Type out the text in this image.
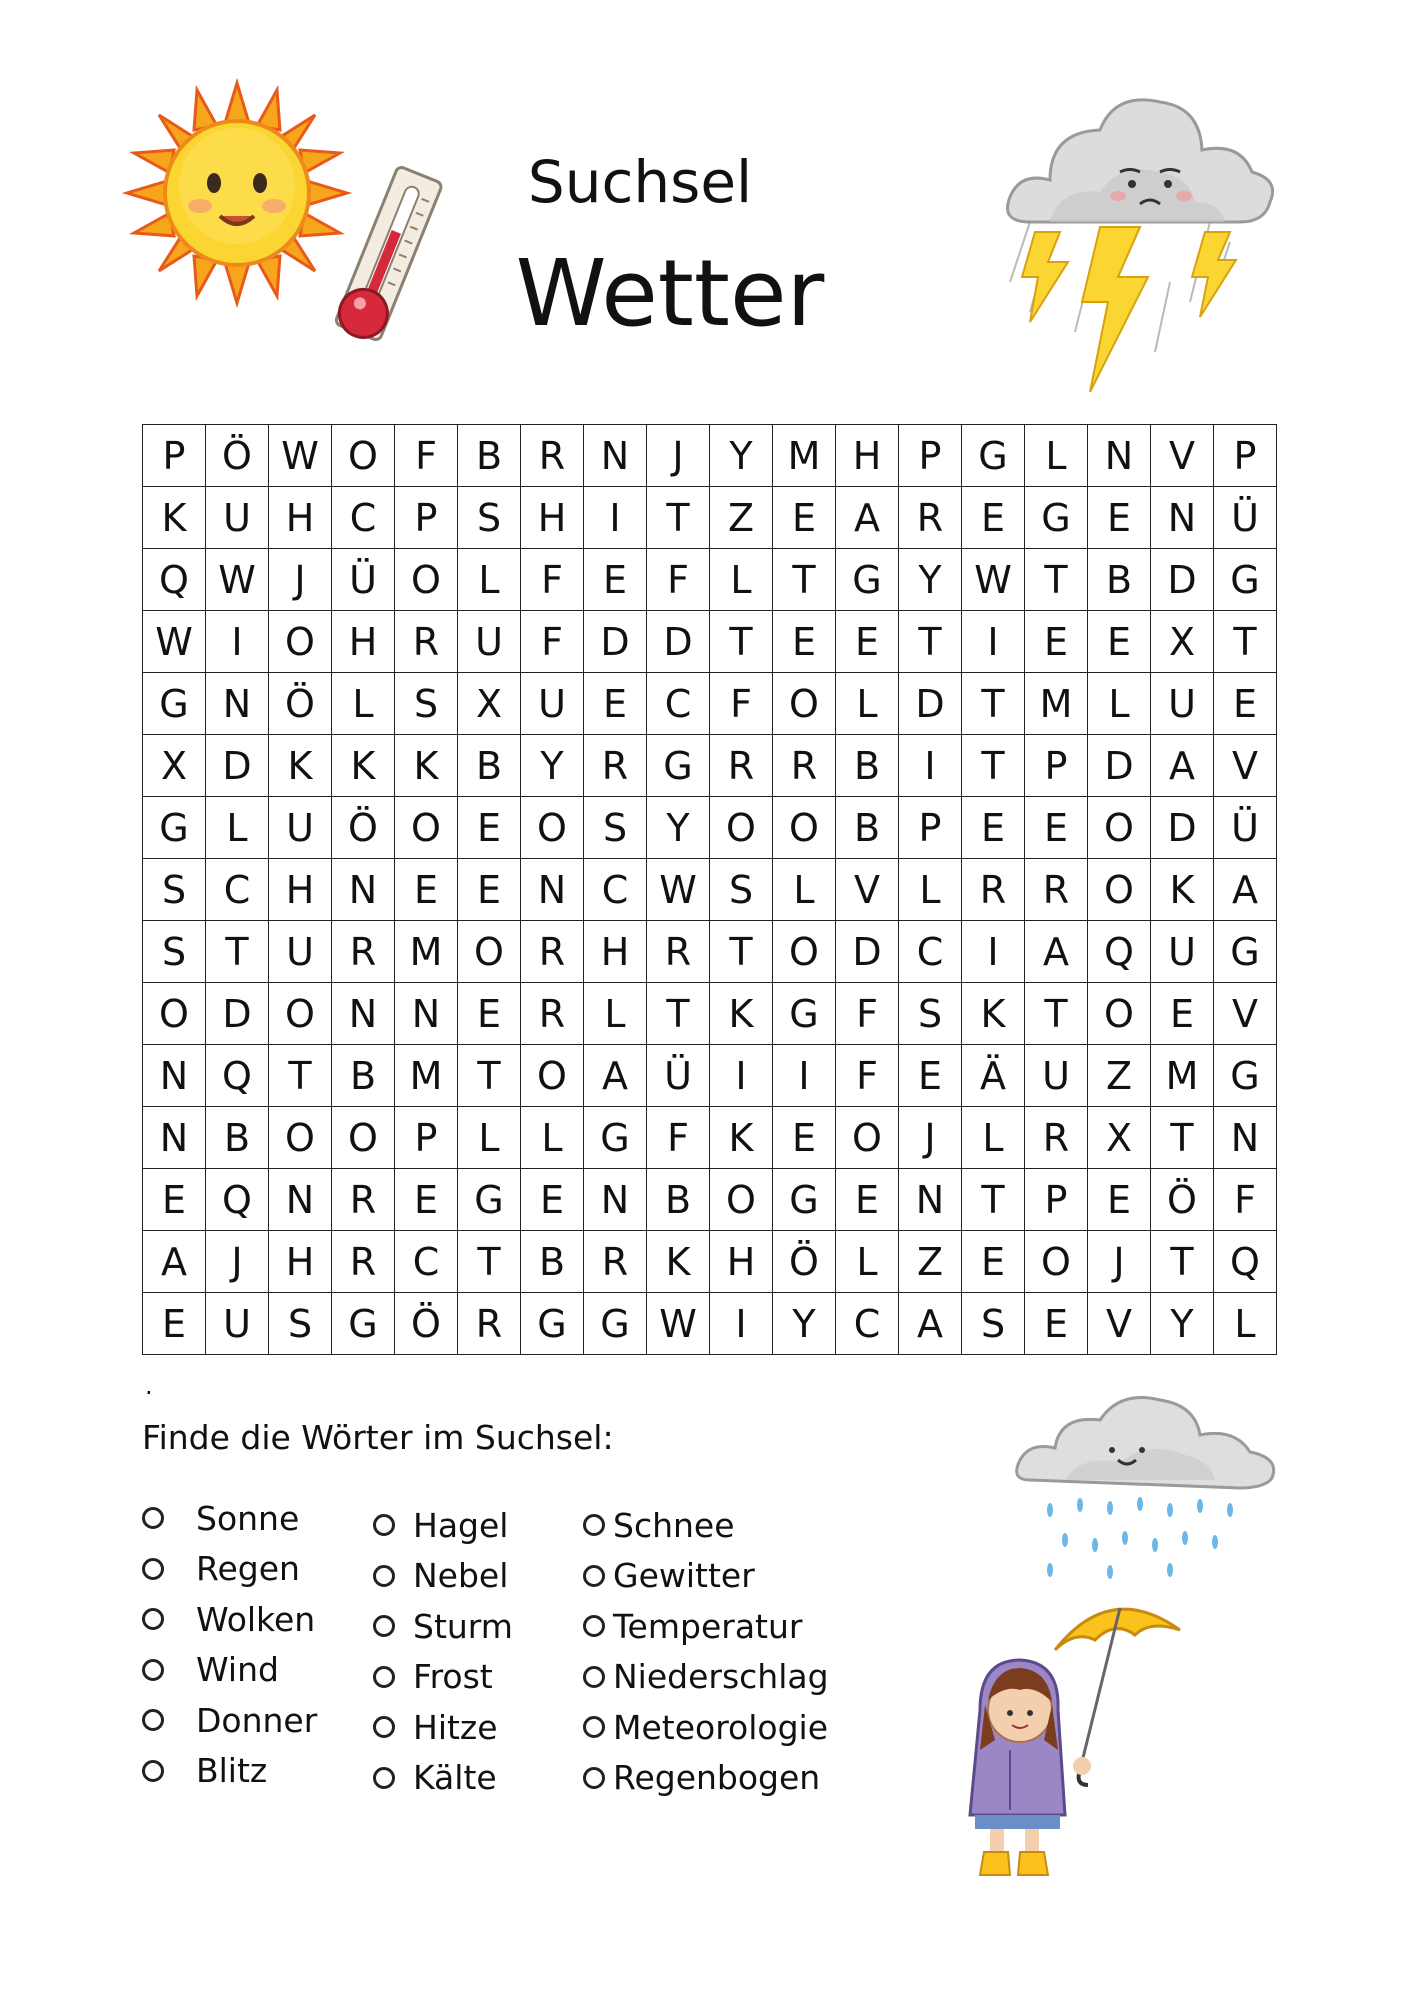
Suchsel
Wetter
P	Ö	W	O	F	B	R	N	J	Y	M	H	P	G	L	N	V	P
K	U	H	C	P	S	H	I	T	Z	E	A	R	E	G	E	N	Ü
Q	W	J	Ü	O	L	F	E	F	L	T	G	Y	W	T	B	D	G
W	I	O	H	R	U	F	D	D	T	E	E	T	I	E	E	X	T
G	N	Ö	L	S	X	U	E	C	F	O	L	D	T	M	L	U	E
X	D	K	K	K	B	Y	R	G	R	R	B	I	T	P	D	A	V
G	L	U	Ö	O	E	O	S	Y	O	O	B	P	E	E	O	D	Ü
S	C	H	N	E	E	N	C	W	S	L	V	L	R	R	O	K	A
S	T	U	R	M	O	R	H	R	T	O	D	C	I	A	Q	U	G
O	D	O	N	N	E	R	L	T	K	G	F	S	K	T	O	E	V
N	Q	T	B	M	T	O	A	Ü	I	I	F	E	Ä	U	Z	M	G
N	B	O	O	P	L	L	G	F	K	E	O	J	L	R	X	T	N
E	Q	N	R	E	G	E	N	B	O	G	E	N	T	P	E	Ö	F
A	J	H	R	C	T	B	R	K	H	Ö	L	Z	E	O	J	T	Q
E	U	S	G	Ö	R	G	G	W	I	Y	C	A	S	E	V	Y	L
.
Finde die Wörter im Suchsel:
Sonne
Regen
Wolken
Wind
Donner
Blitz
Hagel
Nebel
Sturm
Frost
Hitze
Kälte
Schnee
Gewitter
Temperatur
Niederschlag
Meteorologie
Regenbogen
